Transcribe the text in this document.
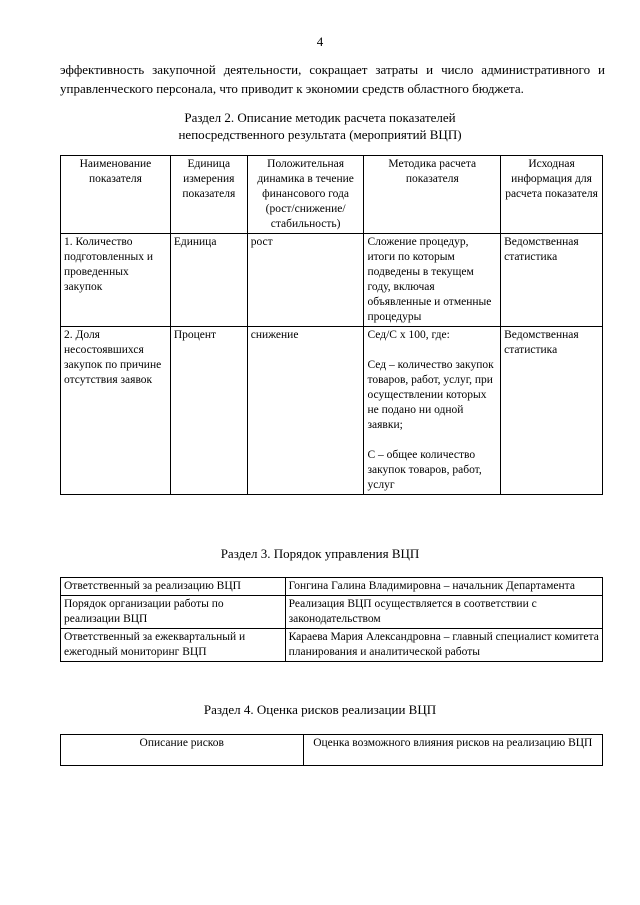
4
эффективность закупочной деятельности, сокращает затраты и число административного и управленческого персонала, что приводит к экономии средств областного бюджета.
Раздел 2. Описание методик расчета показателей
непосредственного результата (мероприятий ВЦП)
Наименование показателя	Единица измерения показателя	Положительная динамика в течение финансового года (рост/снижение/ стабильность)	Методика расчета показателя	Исходная информация для расчета показателя
1. Количество подготовленных и проведенных закупок	Единица	рост	Сложение процедур, итоги по которым подведены в текущем году, включая объявленные и отменные процедуры	Ведомственная статистика
2. Доля несостоявшихся закупок по причине отсутствия заявок	Процент	снижение	Сед/С х 100, где:
Сед – количество закупок товаров, работ, услуг, при осуществлении которых не подано ни одной заявки;
С – общее количество закупок товаров, работ, услуг	Ведомственная статистика
Раздел 3. Порядок управления ВЦП
Ответственный за реализацию ВЦП	Гонгина Галина Владимировна – начальник Департамента
Порядок организации работы по реализации ВЦП	Реализация ВЦП осуществляется в соответствии с законодательством
Ответственный за ежеквартальный и ежегодный мониторинг ВЦП	Караева Мария Александровна – главный специалист комитета планирования и аналитической работы
Раздел 4. Оценка рисков реализации ВЦП
Описание рисков	Оценка возможного влияния рисков на реализацию ВЦП
